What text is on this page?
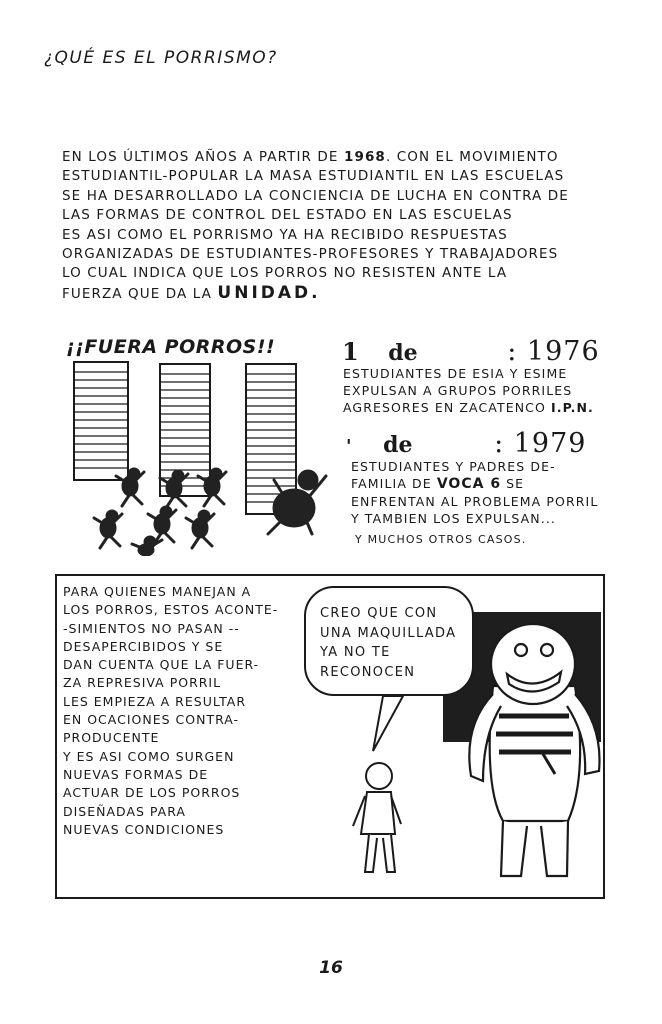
¿QUÉ ES EL PORRISMO?
EN LOS ÚLTIMOS AÑOS A PARTIR DE 1968. CON EL MOVIMIENTO
ESTUDIANTIL-POPULAR LA MASA ESTUDIANTIL EN LAS ESCUELAS
SE HA DESARROLLADO LA CONCIENCIA DE LUCHA EN CONTRA DE
LAS FORMAS DE CONTROL DEL ESTADO EN LAS ESCUELAS
ES ASI COMO EL PORRISMO YA HA RECIBIDO RESPUESTAS
ORGANIZADAS DE ESTUDIANTES-PROFESORES Y TRABAJADORES
LO CUAL INDICA QUE LOS PORROS NO RESISTEN ANTE LA
FUERZA QUE DA LA UNIDAD.
¡¡FUERA PORROS!!	1 de	: 1976
ESTUDIANTES DE ESIA Y ESIME
EXPULSAN A GRUPOS PORRILES
AGRESORES EN ZACATENCO I.P.N.
' de	: 1979
ESTUDIANTES Y PADRES DE-
FAMILIA DE VOCA 6 SE
ENFRENTAN AL PROBLEMA PORRIL
Y TAMBIEN LOS EXPULSAN...
Y MUCHOS OTROS CASOS.
PARA QUIENES MANEJAN A
LOS PORROS, ESTOS ACONTE-
-SIMIENTOS NO PASAN --
DESAPERCIBIDOS Y SE
DAN CUENTA QUE LA FUER-
ZA REPRESIVA PORRIL
LES EMPIEZA A RESULTAR
EN OCACIONES CONTRA-
PRODUCENTE
Y ES ASI COMO SURGEN
NUEVAS FORMAS DE
ACTUAR DE LOS PORROS
DISEÑADAS PARA
NUEVAS CONDICIONES
CREO QUE CON
UNA MAQUILLADA
YA NO TE
RECONOCEN
16
